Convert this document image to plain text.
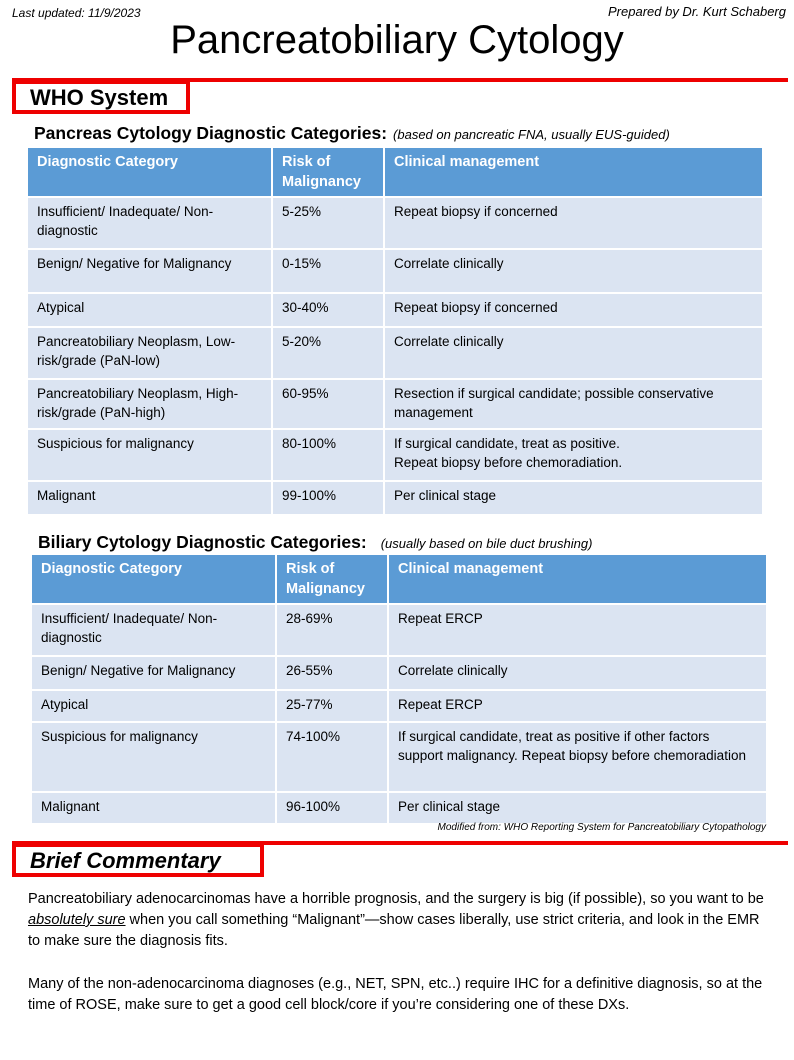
Last updated: 11/9/2023	Prepared by Dr. Kurt Schaberg
Pancreatobiliary Cytology
WHO System
Pancreas Cytology Diagnostic Categories: (based on pancreatic FNA, usually EUS-guided)
Diagnostic Category	Risk of Malignancy	Clinical management
Insufficient/ Inadequate/ Non-diagnostic	5-25%	Repeat biopsy if concerned
Benign/ Negative for Malignancy	0-15%	Correlate clinically
Atypical	30-40%	Repeat biopsy if concerned
Pancreatobiliary Neoplasm, Low-risk/grade (PaN-low)	5-20%	Correlate clinically
Pancreatobiliary Neoplasm, High-risk/grade (PaN-high)	60-95%	Resection if surgical candidate; possible conservative management
Suspicious for malignancy	80-100%	If surgical candidate, treat as positive.
Repeat biopsy before chemoradiation.
Malignant	99-100%	Per clinical stage
Biliary Cytology Diagnostic Categories: (usually based on bile duct brushing)
Diagnostic Category	Risk of Malignancy	Clinical management
Insufficient/ Inadequate/ Non-diagnostic	28-69%	Repeat ERCP
Benign/ Negative for Malignancy	26-55%	Correlate clinically
Atypical	25-77%	Repeat ERCP
Suspicious for malignancy	74-100%	If surgical candidate, treat as positive if other factors support malignancy. Repeat biopsy before chemoradiation
Malignant	96-100%	Per clinical stage
Modified from: WHO Reporting System for Pancreatobiliary Cytopathology
Brief Commentary
Pancreatobiliary adenocarcinomas have a horrible prognosis, and the surgery is big (if possible), so you want to be absolutely sure when you call something “Malignant”—show cases liberally, use strict criteria, and look in the EMR to make sure the diagnosis fits.
Many of the non-adenocarcinoma diagnoses (e.g., NET, SPN, etc..) require IHC for a definitive diagnosis, so at the time of ROSE, make sure to get a good cell block/core if you’re considering one of these DXs.
